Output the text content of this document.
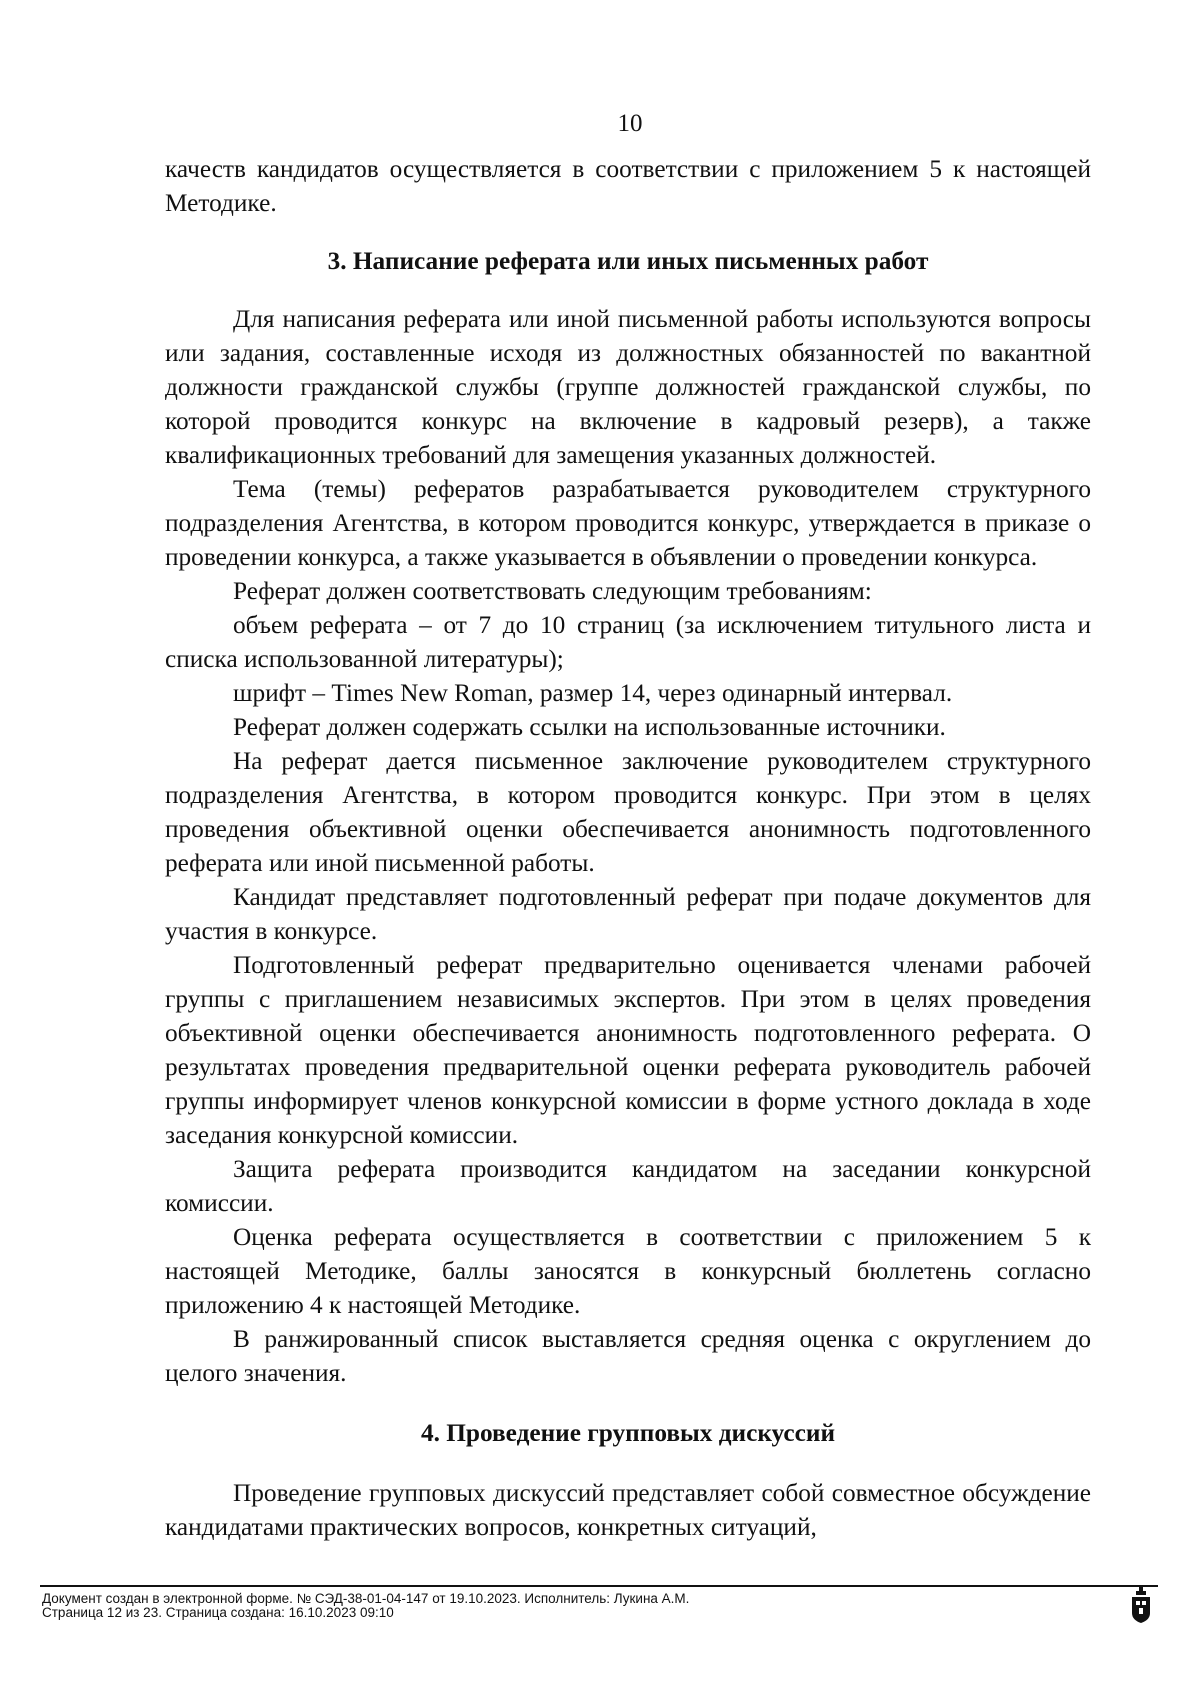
10

качеств кандидатов осуществляется в соответствии с приложением 5 к настоящей Методике.

3. Написание реферата или иных письменных работ

Для написания реферата или иной письменной работы используются вопросы или задания, составленные исходя из должностных обязанностей по вакантной должности гражданской службы (группе должностей гражданской службы, по которой проводится конкурс на включение в кадровый резерв), а также квалификационных требований для замещения указанных должностей.

Тема (темы) рефератов разрабатывается руководителем структурного подразделения Агентства, в котором проводится конкурс, утверждается в приказе о проведении конкурса, а также указывается в объявлении о проведении конкурса.

Реферат должен соответствовать следующим требованиям:

объем реферата – от 7 до 10 страниц (за исключением титульного листа и списка использованной литературы);

шрифт – Times New Roman, размер 14, через одинарный интервал.

Реферат должен содержать ссылки на использованные источники.

На реферат дается письменное заключение руководителем структурного подразделения Агентства, в котором проводится конкурс. При этом в целях проведения объективной оценки обеспечивается анонимность подготовленного реферата или иной письменной работы.

Кандидат представляет подготовленный реферат при подаче документов для участия в конкурсе.

Подготовленный реферат предварительно оценивается членами рабочей группы с приглашением независимых экспертов. При этом в целях проведения объективной оценки обеспечивается анонимность подготовленного реферата. О результатах проведения предварительной оценки реферата руководитель рабочей группы информирует членов конкурсной комиссии в форме устного доклада в ходе заседания конкурсной комиссии.

Защита реферата производится кандидатом на заседании конкурсной комиссии.

Оценка реферата осуществляется в соответствии с приложением 5 к настоящей Методике, баллы заносятся в конкурсный бюллетень согласно приложению 4 к настоящей Методике.

В ранжированный список выставляется средняя оценка с округлением до целого значения.

4. Проведение групповых дискуссий

Проведение групповых дискуссий представляет собой совместное обсуждение кандидатами практических вопросов, конкретных ситуаций,

Документ создан в электронной форме. № СЭД-38-01-04-147 от 19.10.2023. Исполнитель: Лукина А.М.
Страница 12 из 23. Страница создана: 16.10.2023 09:10
